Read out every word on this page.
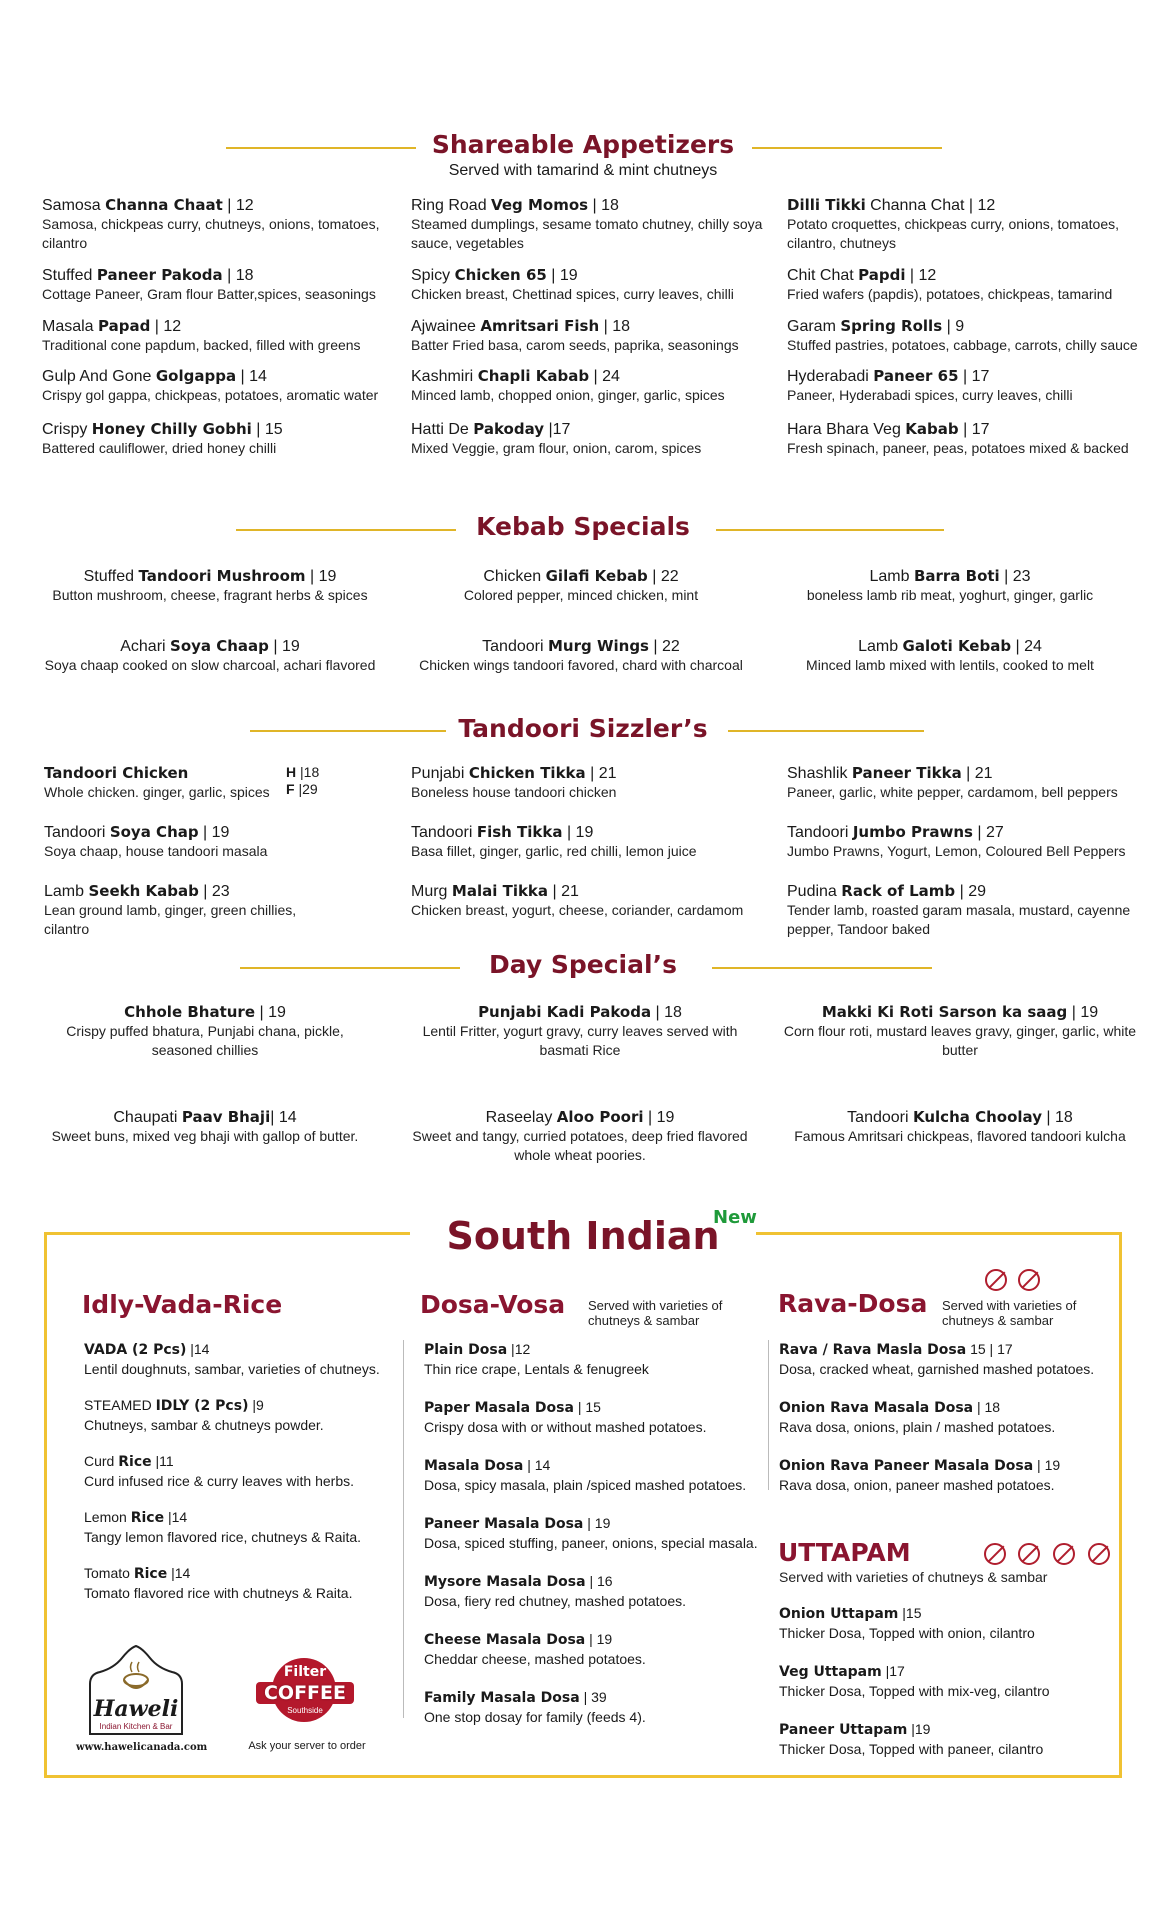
Shareable Appetizers
Served with tamarind & mint chutneys
Samosa Channa Chaat | 12
Samosa, chickpeas curry, chutneys, onions, tomatoes, cilantro
Stuffed Paneer Pakoda | 18
Cottage Paneer, Gram flour Batter,spices, seasonings
Masala Papad | 12
Traditional cone papdum, backed, filled with greens
Gulp And Gone Golgappa | 14
Crispy gol gappa, chickpeas, potatoes, aromatic water
Crispy Honey Chilly Gobhi | 15
Battered cauliflower, dried honey chilli
Ring Road Veg Momos | 18
Steamed dumplings, sesame tomato chutney, chilly soya sauce, vegetables
Spicy Chicken 65 | 19
Chicken breast, Chettinad spices, curry leaves, chilli
Ajwainee Amritsari Fish | 18
Batter Fried basa, carom seeds, paprika, seasonings
Kashmiri Chapli Kabab | 24
Minced lamb, chopped onion, ginger, garlic, spices
Hatti De Pakoday |17
Mixed Veggie, gram flour, onion, carom, spices
Dilli Tikki Channa Chat | 12
Potato croquettes, chickpeas curry, onions, tomatoes, cilantro, chutneys
Chit Chat Papdi | 12
Fried wafers (papdis), potatoes, chickpeas, tamarind
Garam Spring Rolls | 9
Stuffed pastries, potatoes, cabbage, carrots, chilly sauce
Hyderabadi Paneer 65 | 17
Paneer, Hyderabadi spices, curry leaves, chilli
Hara Bhara Veg Kabab | 17
Fresh spinach, paneer, peas, potatoes mixed & backed
Kebab Specials
Stuffed Tandoori Mushroom | 19
Button mushroom, cheese, fragrant herbs & spices
Chicken Gilafi Kebab | 22
Colored pepper, minced chicken, mint
Lamb Barra Boti | 23
boneless lamb rib meat, yoghurt, ginger, garlic
Achari Soya Chaap | 19
Soya chaap cooked on slow charcoal, achari flavored
Tandoori Murg Wings | 22
Chicken wings tandoori favored, chard with charcoal
Lamb Galoti Kebab | 24
Minced lamb mixed with lentils, cooked to melt
Tandoori Sizzler’s
Tandoori Chicken
Whole chicken. ginger, garlic, spices
Tandoori Soya Chap | 19
Soya chaap, house tandoori masala
Lamb Seekh Kabab | 23
Lean ground lamb, ginger, green chillies, cilantro
H |18
F |29
Punjabi Chicken Tikka | 21
Boneless house tandoori chicken
Tandoori Fish Tikka | 19
Basa fillet, ginger, garlic, red chilli, lemon juice
Murg Malai Tikka | 21
Chicken breast, yogurt, cheese, coriander, cardamom
Shashlik Paneer Tikka | 21
Paneer, garlic, white pepper, cardamom, bell peppers
Tandoori Jumbo Prawns | 27
Jumbo Prawns, Yogurt, Lemon, Coloured Bell Peppers
Pudina Rack of Lamb | 29
Tender lamb, roasted garam masala, mustard, cayenne pepper, Tandoor baked
Day Special’s
Chhole Bhature | 19
Crispy puffed bhatura, Punjabi chana, pickle, seasoned chillies
Punjabi Kadi Pakoda | 18
Lentil Fritter, yogurt gravy, curry leaves served with basmati Rice
Makki Ki Roti Sarson ka saag | 19
Corn flour roti, mustard leaves gravy, ginger, garlic, white butter
Chaupati Paav Bhaji| 14
Sweet buns, mixed veg bhaji with gallop of butter.
Raseelay Aloo Poori | 19
Sweet and tangy, curried potatoes, deep fried flavored whole wheat poories.
Tandoori Kulcha Choolay | 18
Famous Amritsari chickpeas, flavored tandoori kulcha
South Indian
New
Idly-Vada-Rice
VADA (2 Pcs) |14
Lentil doughnuts, sambar, varieties of chutneys.
STEAMED IDLY (2 Pcs) |9
Chutneys, sambar & chutneys powder.
Curd Rice |11
Curd infused rice & curry leaves with herbs.
Lemon Rice |14
Tangy lemon flavored rice, chutneys & Raita.
Tomato Rice |14
Tomato flavored rice with chutneys & Raita.
Dosa-Vosa Served with varieties of chutneys & sambar
Plain Dosa |12
Thin rice crape, Lentals & fenugreek
Paper Masala Dosa | 15
Crispy dosa with or without mashed potatoes.
Masala Dosa | 14
Dosa, spicy masala, plain /spiced mashed potatoes.
Paneer Masala Dosa | 19
Dosa, spiced stuffing, paneer, onions, special masala.
Mysore Masala Dosa | 16
Dosa, fiery red chutney, mashed potatoes.
Cheese Masala Dosa | 19
Cheddar cheese, mashed potatoes.
Family Masala Dosa | 39
One stop dosay for family (feeds 4).
Rava-Dosa Served with varieties of chutneys & sambar
Rava / Rava Masla Dosa 15 | 17
Dosa, cracked wheat, garnished mashed potatoes.
Onion Rava Masala Dosa | 18
Rava dosa, onions, plain / mashed potatoes.
Onion Rava Paneer Masala Dosa | 19
Rava dosa, onion, paneer mashed potatoes.
UTTAPAM
Served with varieties of chutneys & sambar
Onion Uttapam |15
Thicker Dosa, Topped with onion, cilantro
Veg Uttapam |17
Thicker Dosa, Topped with mix-veg, cilantro
Paneer Uttapam |19
Thicker Dosa, Topped with paneer, cilantro
Haweli
Indian Kitchen & Bar
www.hawelicanada.com
Filter
COFFEE
Southside
Ask your server to order
